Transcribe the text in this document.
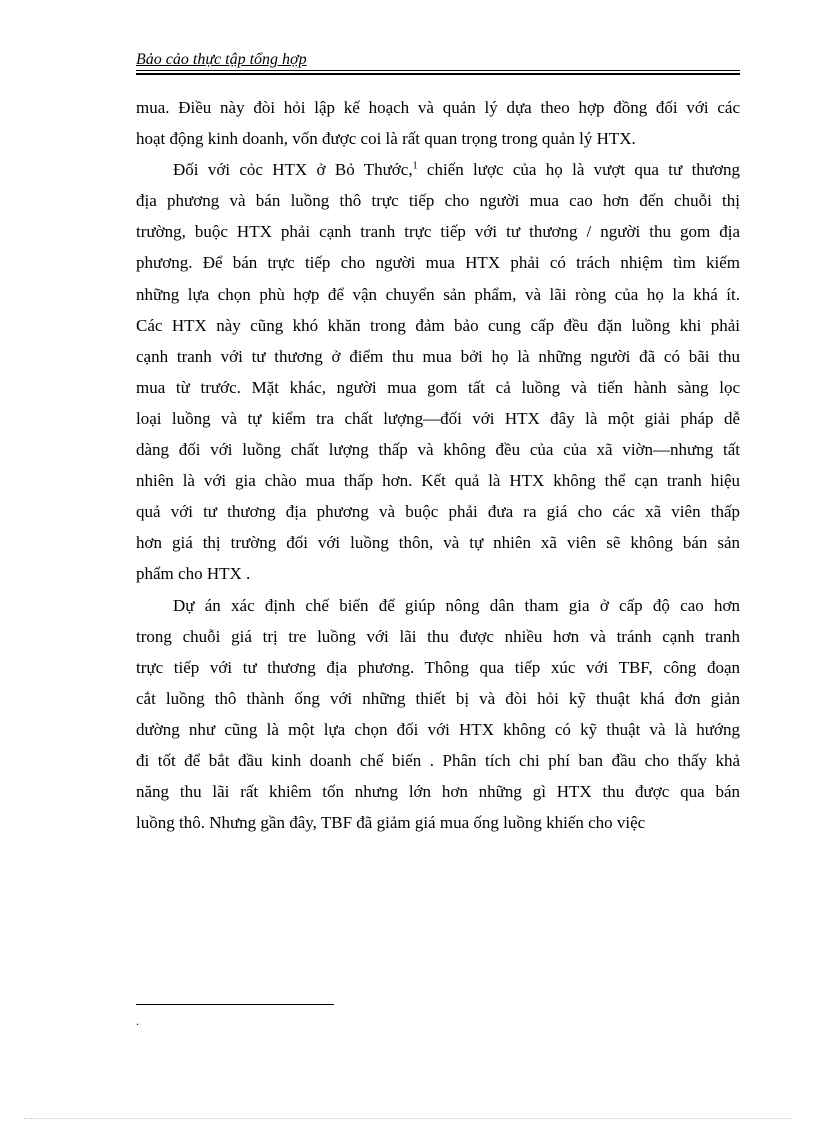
Bảo cảo thực tập tổng hợp
mua. Điều này đòi hỏi lập kế hoạch và quản lý dựa theo hợp đồng đối với các
hoạt động kinh doanh, vốn được coi là rất quan trọng trong quản lý HTX.
Đối với cỏc HTX ở Bỏ Thước,$^1$ chiến lược của họ là vượt qua tư thương
địa phương và bán luồng thô trực tiếp cho người mua cao hơn đến chuỗi thị
trường, buộc HTX phải cạnh tranh trực tiếp với tư thương / người thu gom địa
phương. Để bán trực tiếp cho người mua HTX phải có trách nhiệm tìm kiếm
những lựa chọn phù hợp để vận chuyển sản phẩm, và lãi ròng của họ la khá ít.
Các HTX này cũng khó khăn trong đảm bảo cung cấp đều đặn luồng khi phải
cạnh tranh với tư thương ở điểm thu mua bởi họ là những người đã có bãi thu
mua từ trước. Mặt khác, người mua gom tất cả luồng và tiến hành sàng lọc
loại luồng và tự kiểm tra chất lượng—đối với HTX đây là một giải pháp dễ
dàng đối với luồng chất lượng thấp và không đều của của xã viờn—nhưng tất
nhiên là với gia chào mua thấp hơn. Kết quả là HTX không thể cạn tranh hiệu
quả với tư thương địa phương và buộc phải đưa ra giá cho các xã viên thấp
hơn giá thị trường đối với luồng thôn, và tự nhiên xã viên sẽ không bán sản
phẩm cho HTX .
Dự án xác định chế biến để giúp nông dân tham gia ở cấp độ cao hơn
trong chuỗi giá trị tre luồng với lãi thu được nhiều hơn và tránh cạnh tranh
trực tiếp với tư thương địa phương. Thông qua tiếp xúc với TBF, công đoạn
cắt luồng thô thành ống với những thiết bị và đòi hỏi kỹ thuật khá đơn giản
dường như cũng là một lựa chọn đối với HTX không có kỹ thuật và là hướng
đi tốt để bắt đầu kinh doanh chế biến . Phân tích chi phí ban đầu cho thấy khả
năng thu lãi rất khiêm tốn nhưng lớn hơn những gì HTX thu được qua bán
luồng thô. Nhưng gần đây, TBF đã giảm giá mua ống luồng khiến cho việc
.
